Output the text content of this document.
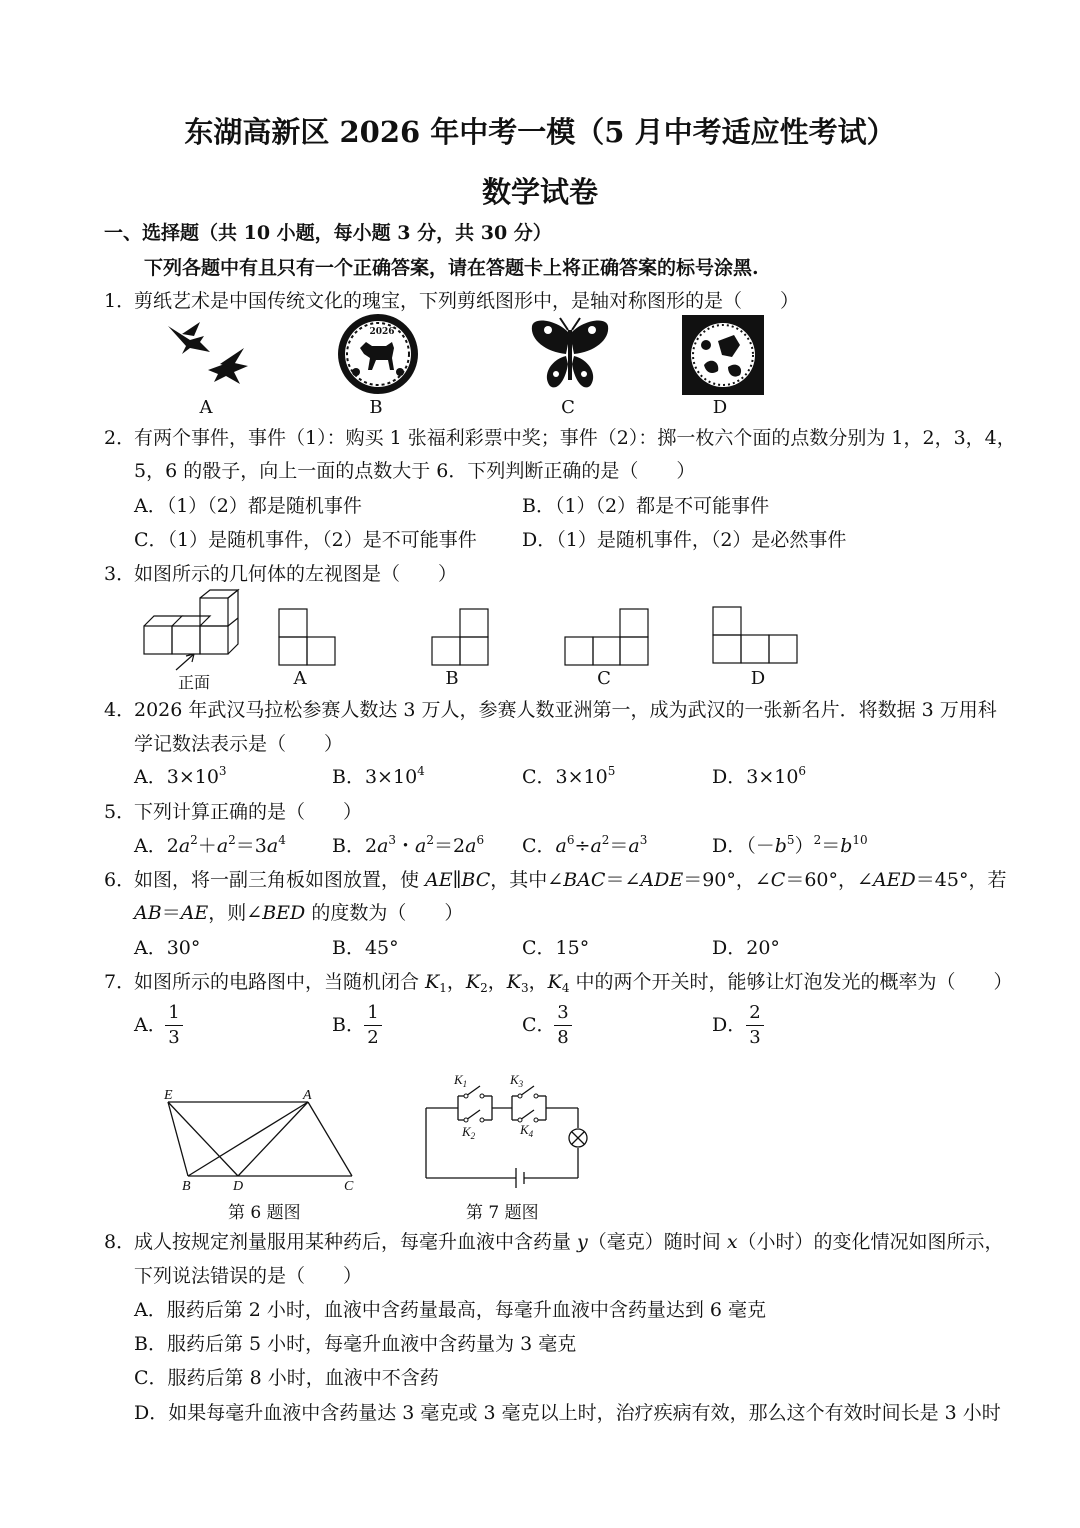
东湖高新区 2026 年中考一模（5 月中考适应性考试）
数学试卷
一、选择题（共 10 小题，每小题 3 分，共 30 分）
下列各题中有且只有一个正确答案，请在答题卡上将正确答案的标号涂黑.
1．剪纸艺术是中国传统文化的瑰宝，下列剪纸图形中，是轴对称图形的是（　　）
2026
A	B	C	D
2．有两个事件，事件（1）：购买 1 张福利彩票中奖；事件（2）：掷一枚六个面的点数分别为 1，2，3，4，
5，6 的骰子，向上一面的点数大于 6．下列判断正确的是（　　）
A．（1）（2）都是随机事件	B．（1）（2）都是不可能事件
C．（1）是随机事件，（2）是不可能事件 D．（1）是随机事件，（2）是必然事件
3．如图所示的几何体的左视图是（　　）
正面	A	B	C	D
4．2026 年武汉马拉松参赛人数达 3 万人，参赛人数亚洲第一，成为武汉的一张新名片．将数据 3 万用科
学记数法表示是（　　）
A．$3\times 10^3$	B．$3\times 10^4$	C．$3\times 10^5$	D．$3\times 10^6$
5．下列计算正确的是（　　）
A．$2a^2+a^2=3a^4$ B．$2a^3$・$a^2=2a^6$ C．$a^6\div a^2=a^3$	D．$(-b^5)^2=b^{10}$
6．如图，将一副三角板如图放置，使 AE∥BC，其中∠BAC＝∠ADE＝90°，∠C＝60°，∠AED＝45°，若
AB＝AE，则∠BED 的度数为（　　）
A．30°	B．45°	C．15°	D．20°
7．如图所示的电路图中，当随机闭合 $K_1$，$K_2$，$K_3$，$K_4$ 中的两个开关时，能够让灯泡发光的概率为（　　）
A．
$\frac{1}{3}$	B． $\frac{1}{2}$	C．
$\frac{3}{8}$	D． $\frac{2}{3}$
E	A
B	D	C
第 6 题图
$K_1$
$K_2$
$K_3$
$K_4$
第 7 题图
8．成人按规定剂量服用某种药后，每毫升血液中含药量 y（毫克）随时间 x（小时）的变化情况如图所示，
下列说法错误的是（　　）
A．服药后第 2 小时，血液中含药量最高，每毫升血液中含药量达到 6 毫克
B．服药后第 5 小时，每毫升血液中含药量为 3 毫克
C．服药后第 8 小时，血液中不含药
D．如果每毫升血液中含药量达 3 毫克或 3 毫克以上时，治疗疾病有效，那么这个有效时间长是 3 小时
